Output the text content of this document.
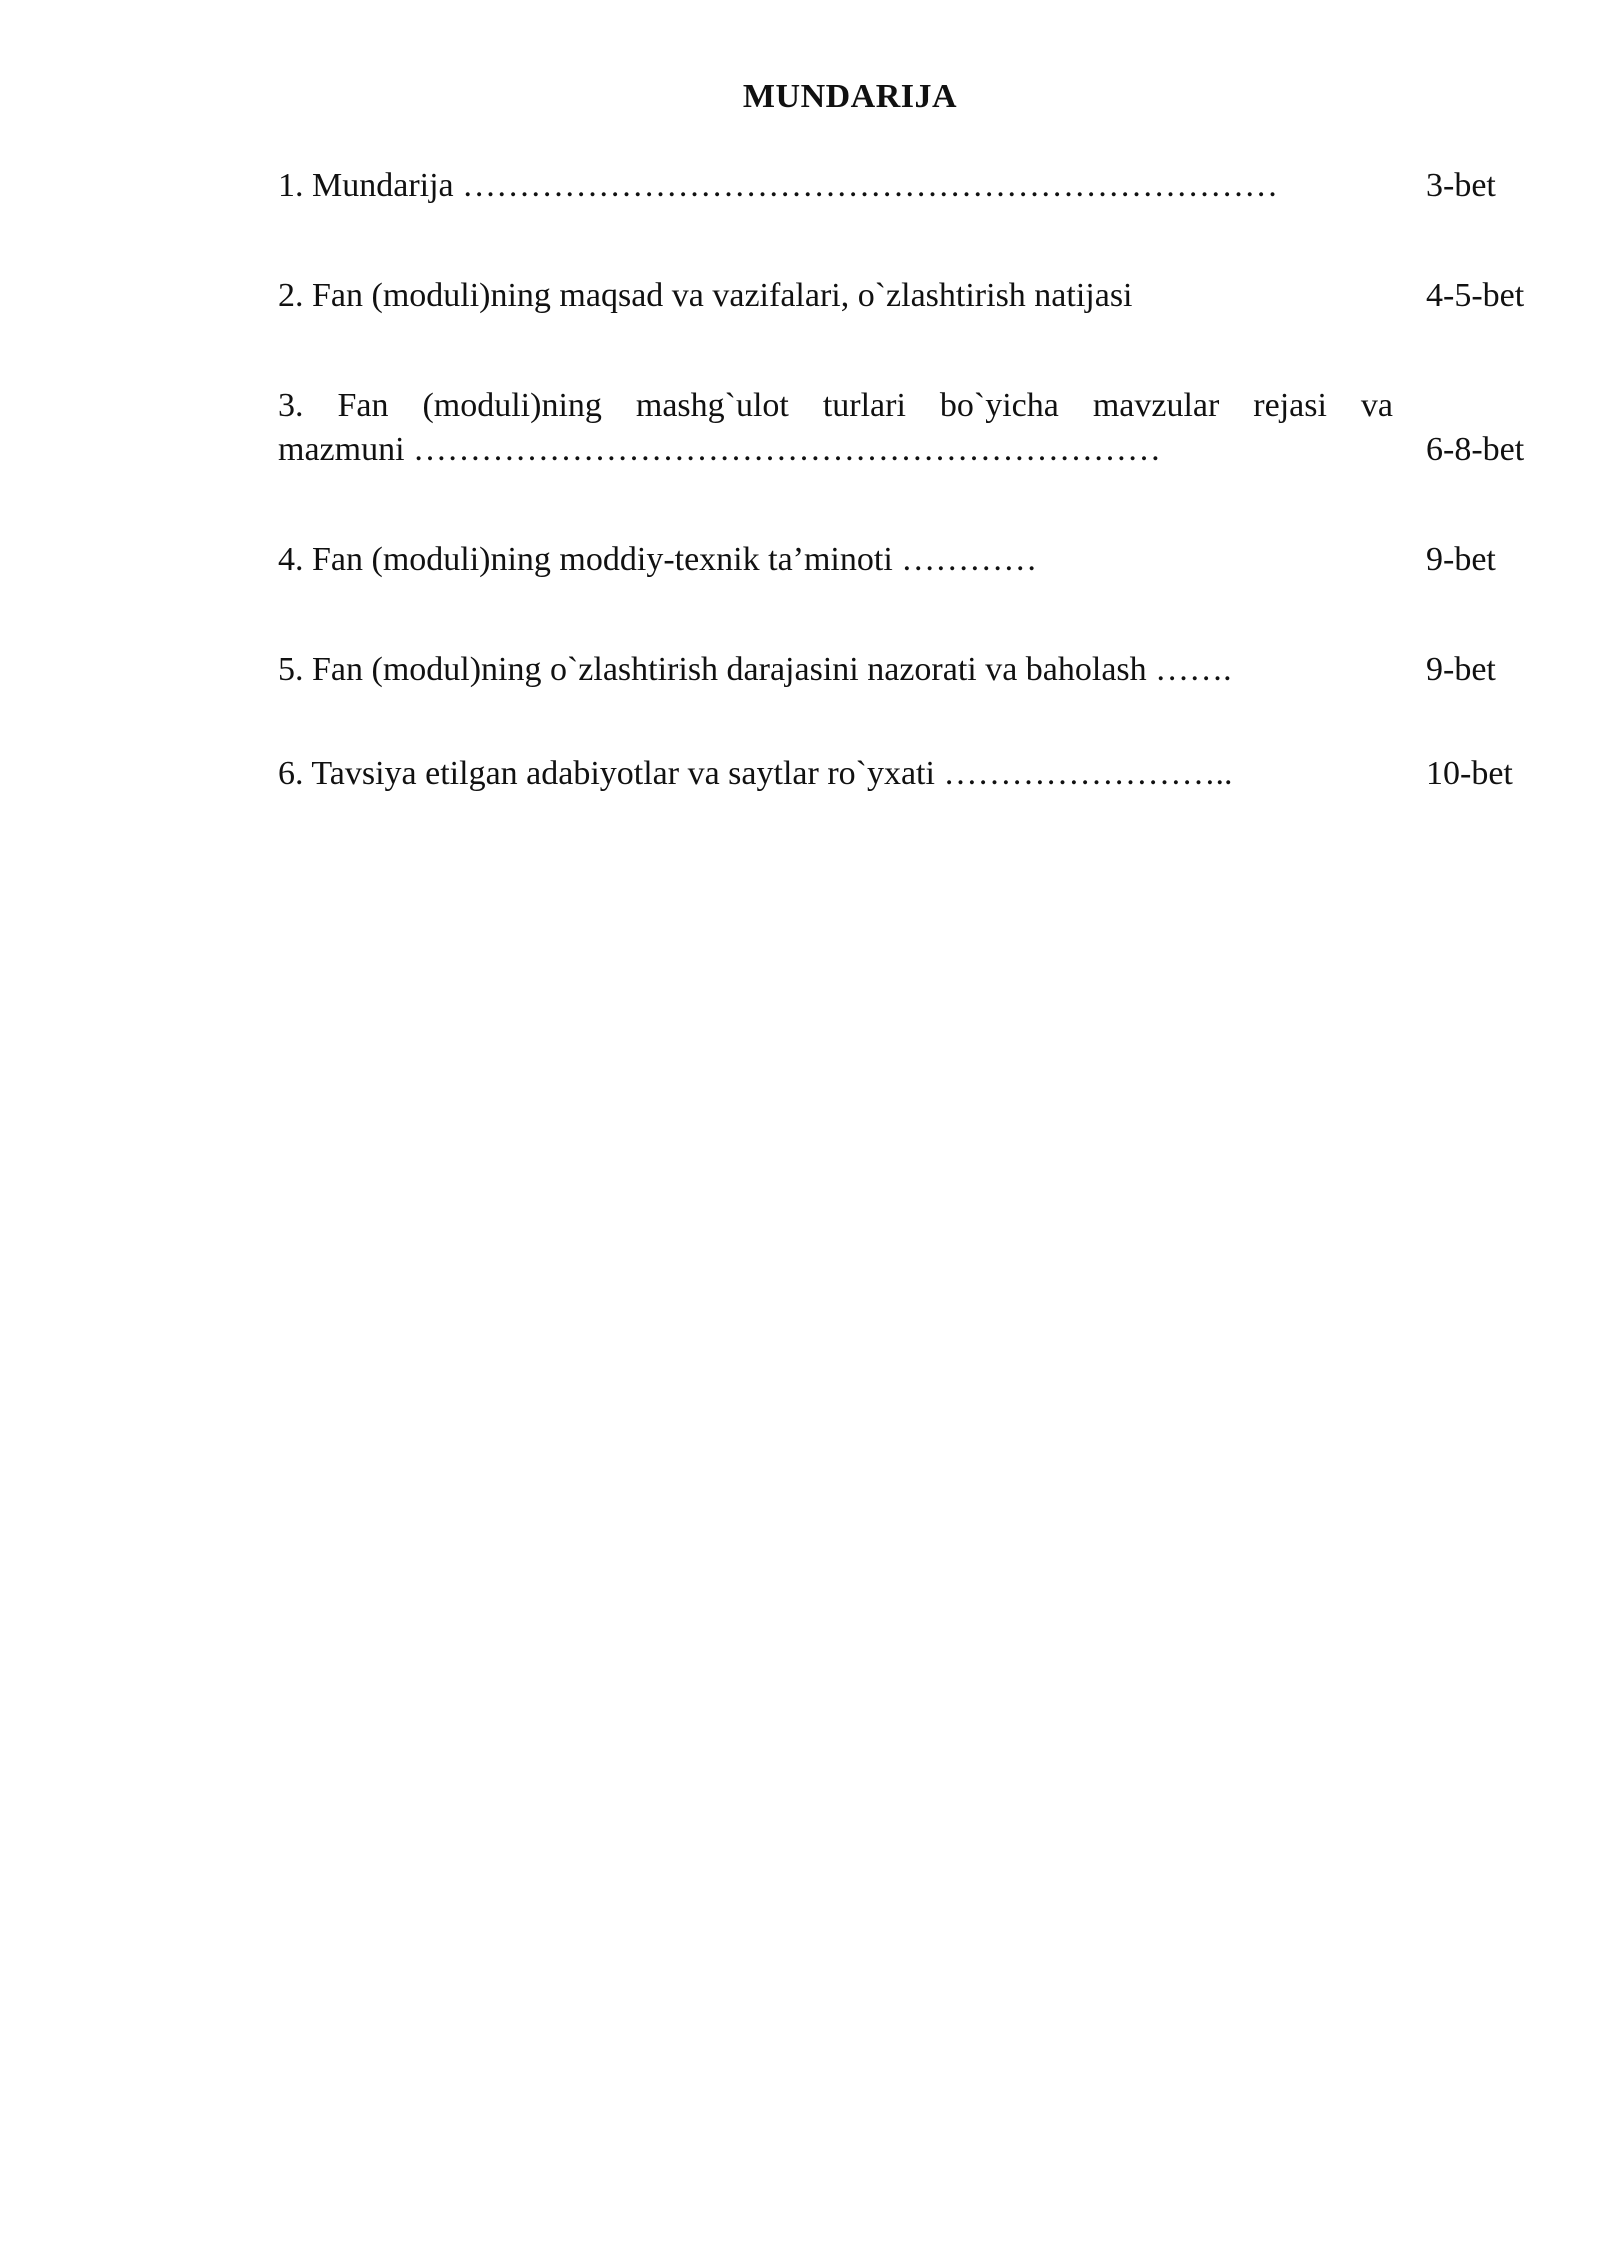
MUNDARIJA
1. Mundarija ………………………………………………………………	3-bet
2. Fan (moduli)ning maqsad va vazifalari, o`zlashtirish natijasi	4-5-bet
3. Fan (moduli)ning mashg`ulot turlari bo`yicha mavzular rejasi va
mazmuni …………………………………………………………	6-8-bet
4. Fan (moduli)ning moddiy-texnik ta’minoti …………	9-bet
5. Fan (modul)ning o`zlashtirish darajasini nazorati va baholash …….	9-bet
6. Tavsiya etilgan adabiyotlar va saytlar ro`yxati ……………………..	10-bet
